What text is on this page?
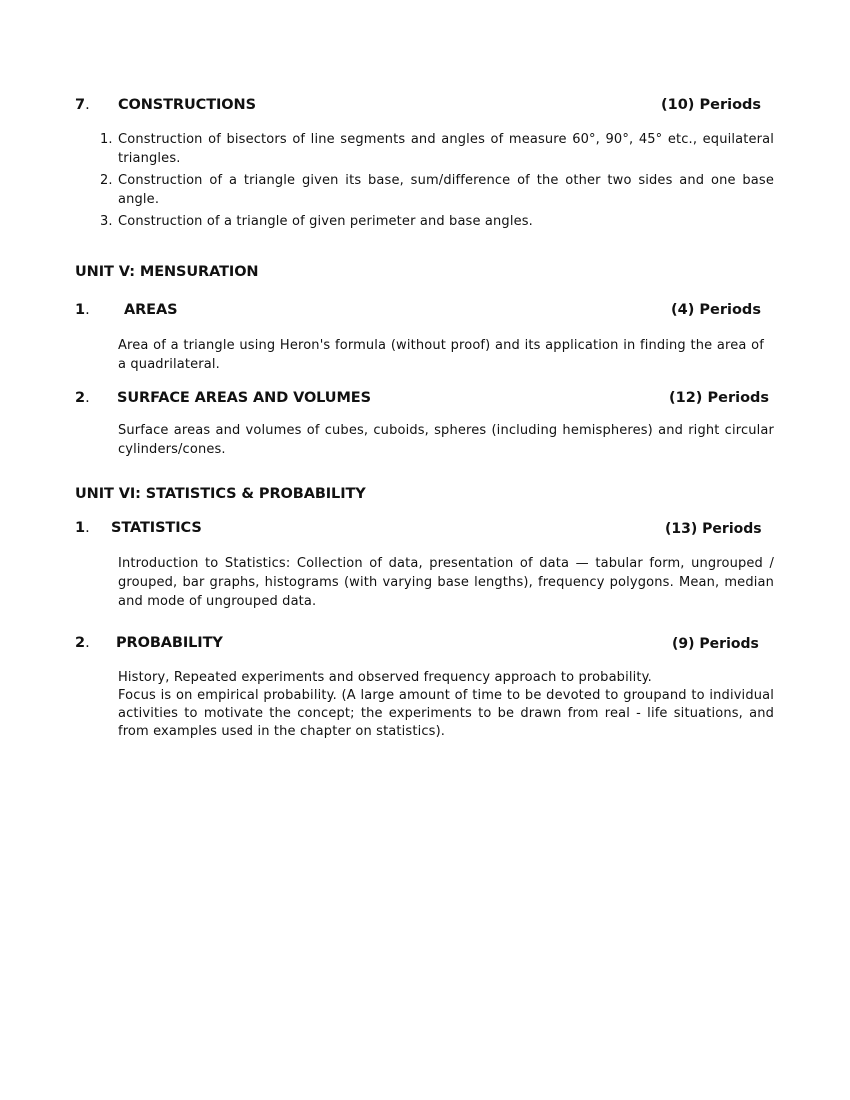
7. CONSTRUCTIONS	(10) Periods
1. Construction of bisectors of line segments and angles of measure 60°, 90°, 45° etc., equilateral triangles.
2. Construction of a triangle given its base, sum/difference of the other two sides and one base angle.
3. Construction of a triangle of given perimeter and base angles.
UNIT V: MENSURATION
1. AREAS	(4) Periods
Area of a triangle using Heron's formula (without proof) and its application in finding the area of a quadrilateral.
2. SURFACE AREAS AND VOLUMES	(12) Periods
Surface areas and volumes of cubes, cuboids, spheres (including hemispheres) and right circular cylinders/cones.
UNIT VI: STATISTICS & PROBABILITY
1. STATISTICS	(13) Periods
Introduction to Statistics: Collection of data, presentation of data — tabular form, ungrouped / grouped, bar graphs, histograms (with varying base lengths), frequency polygons. Mean, median and mode of ungrouped data.
2. PROBABILITY	(9) Periods

History, Repeated experiments and observed frequency approach to probability.

Focus is on empirical probability. (A large amount of time to be devoted to groupand to individual activities to motivate the concept; the experiments to be drawn from real - life situations, and from examples used in the chapter on statistics).
